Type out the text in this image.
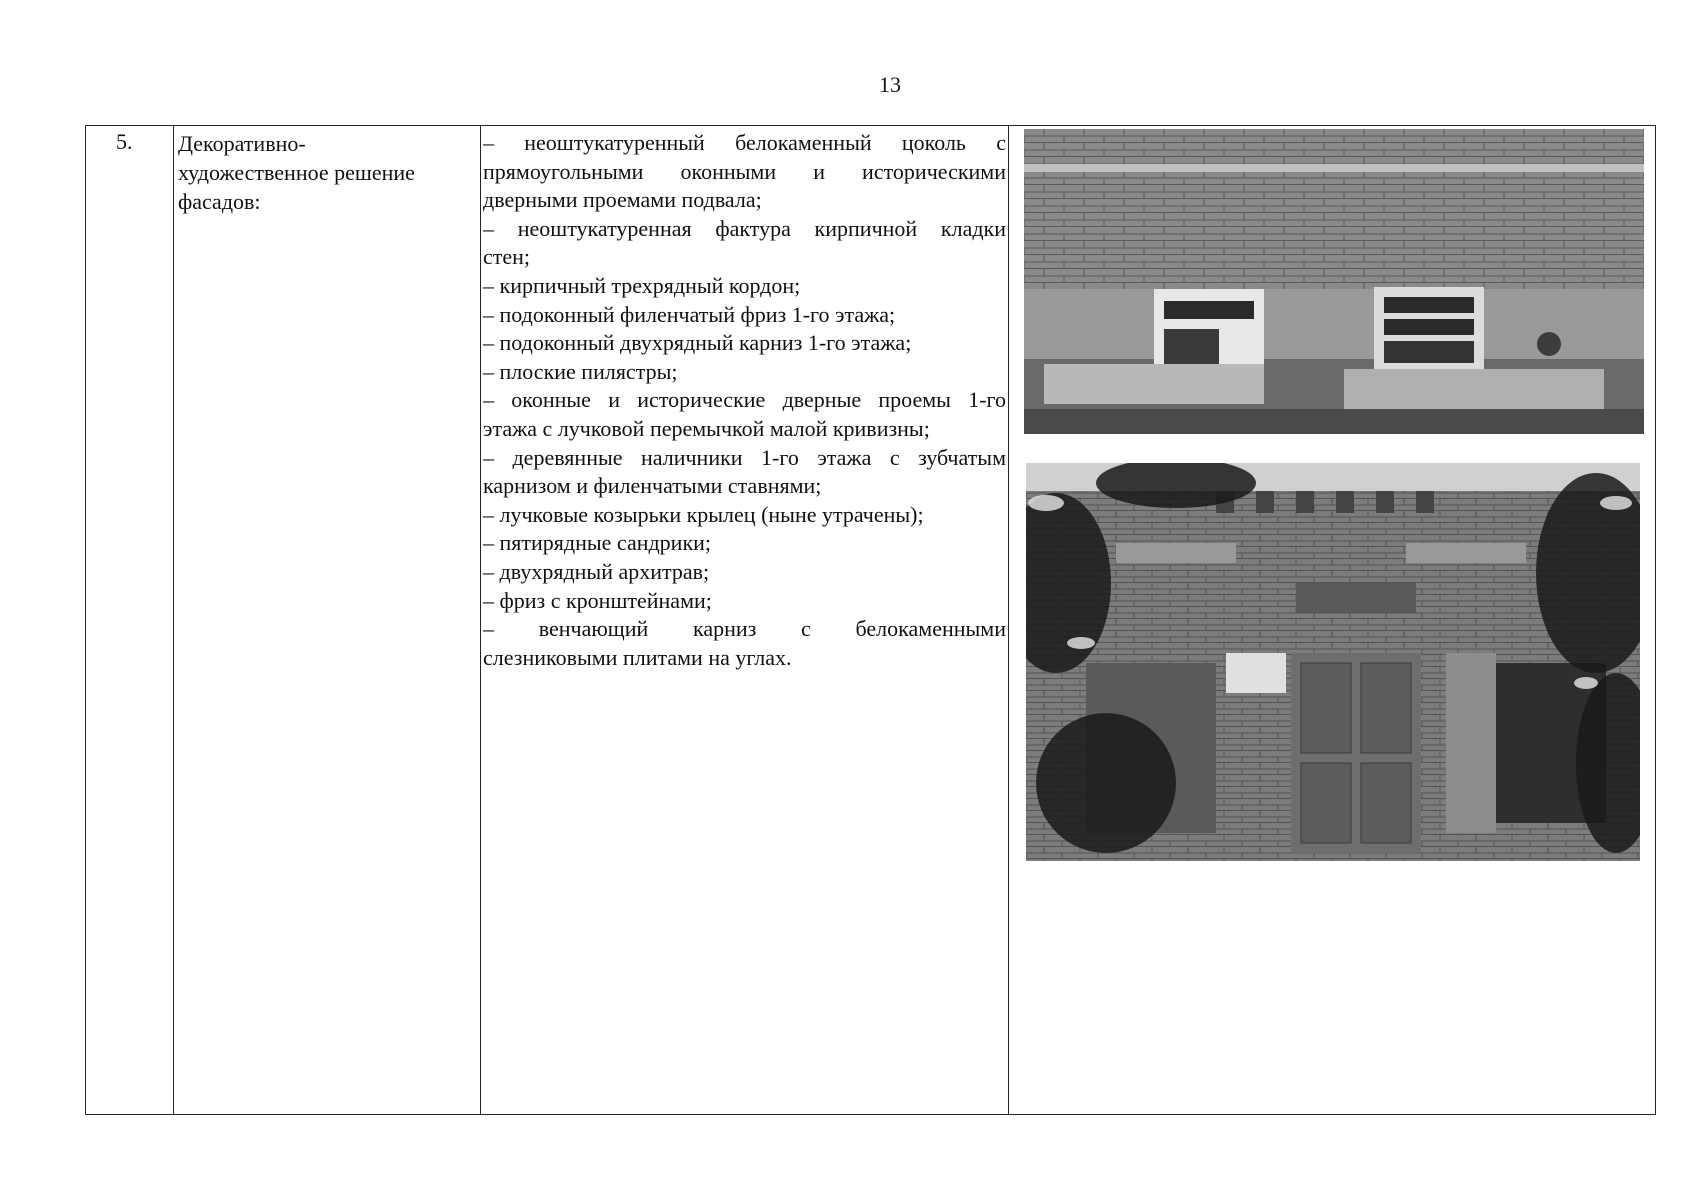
13
5. Декоративно-
художественное решение
фасадов:
– неоштукатуренный белокаменный цоколь с
прямоугольными оконными и историческими
дверными проемами подвала;
– неоштукатуренная фактура кирпичной кладки
стен;
– кирпичный трехрядный кордон;
– подоконный филенчатый фриз 1-го этажа;
– подоконный двухрядный карниз 1-го этажа;
– плоские пилястры;
– оконные и исторические дверные проемы 1-го
этажа с лучковой перемычкой малой кривизны;
– деревянные наличники 1-го этажа с зубчатым
карнизом и филенчатыми ставнями;
– лучковые козырьки крылец (ныне утрачены);
– пятирядные сандрики;
– двухрядный архитрав;
– фриз с кронштейнами;
– венчающий карниз с белокаменными
слезниковыми плитами на углах.
